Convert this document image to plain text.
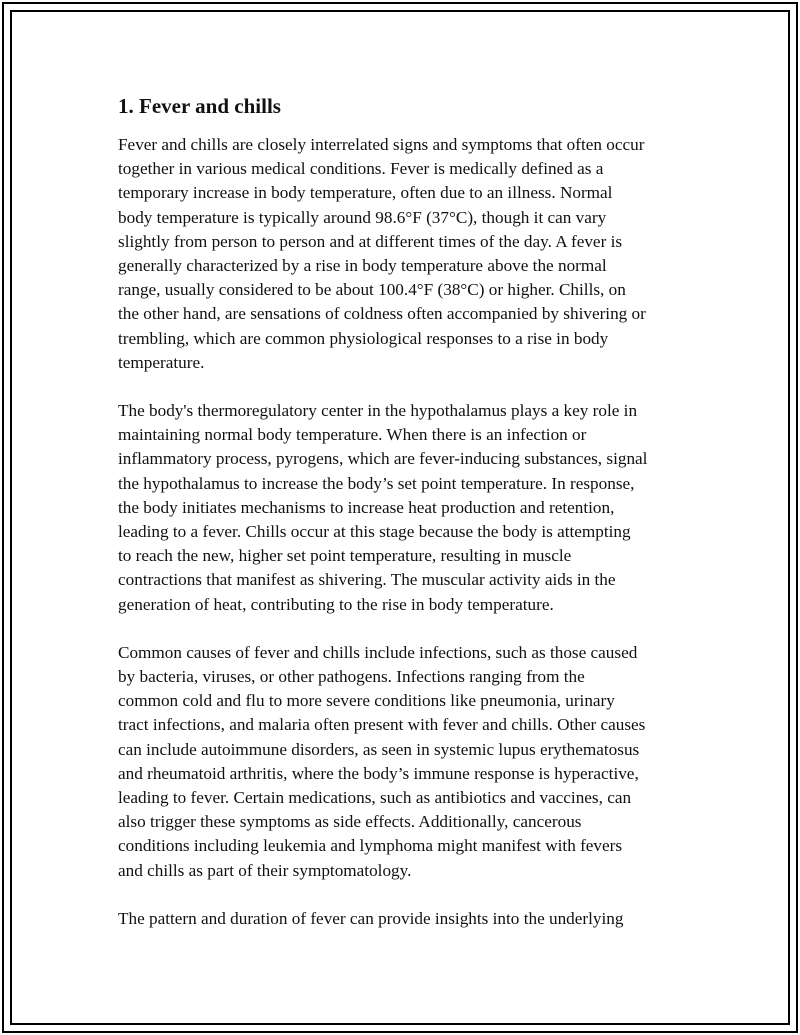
1. Fever and chills

Fever and chills are closely interrelated signs and symptoms that often occur
together in various medical conditions. Fever is medically defined as a
temporary increase in body temperature, often due to an illness. Normal
body temperature is typically around 98.6°F (37°C), though it can vary
slightly from person to person and at different times of the day. A fever is
generally characterized by a rise in body temperature above the normal
range, usually considered to be about 100.4°F (38°C) or higher. Chills, on
the other hand, are sensations of coldness often accompanied by shivering or
trembling, which are common physiological responses to a rise in body
temperature.

The body's thermoregulatory center in the hypothalamus plays a key role in
maintaining normal body temperature. When there is an infection or
inflammatory process, pyrogens, which are fever-inducing substances, signal
the hypothalamus to increase the body’s set point temperature. In response,
the body initiates mechanisms to increase heat production and retention,
leading to a fever. Chills occur at this stage because the body is attempting
to reach the new, higher set point temperature, resulting in muscle
contractions that manifest as shivering. The muscular activity aids in the
generation of heat, contributing to the rise in body temperature.

Common causes of fever and chills include infections, such as those caused
by bacteria, viruses, or other pathogens. Infections ranging from the
common cold and flu to more severe conditions like pneumonia, urinary
tract infections, and malaria often present with fever and chills. Other causes
can include autoimmune disorders, as seen in systemic lupus erythematosus
and rheumatoid arthritis, where the body’s immune response is hyperactive,
leading to fever. Certain medications, such as antibiotics and vaccines, can
also trigger these symptoms as side effects. Additionally, cancerous
conditions including leukemia and lymphoma might manifest with fevers
and chills as part of their symptomatology.

The pattern and duration of fever can provide insights into the underlying
